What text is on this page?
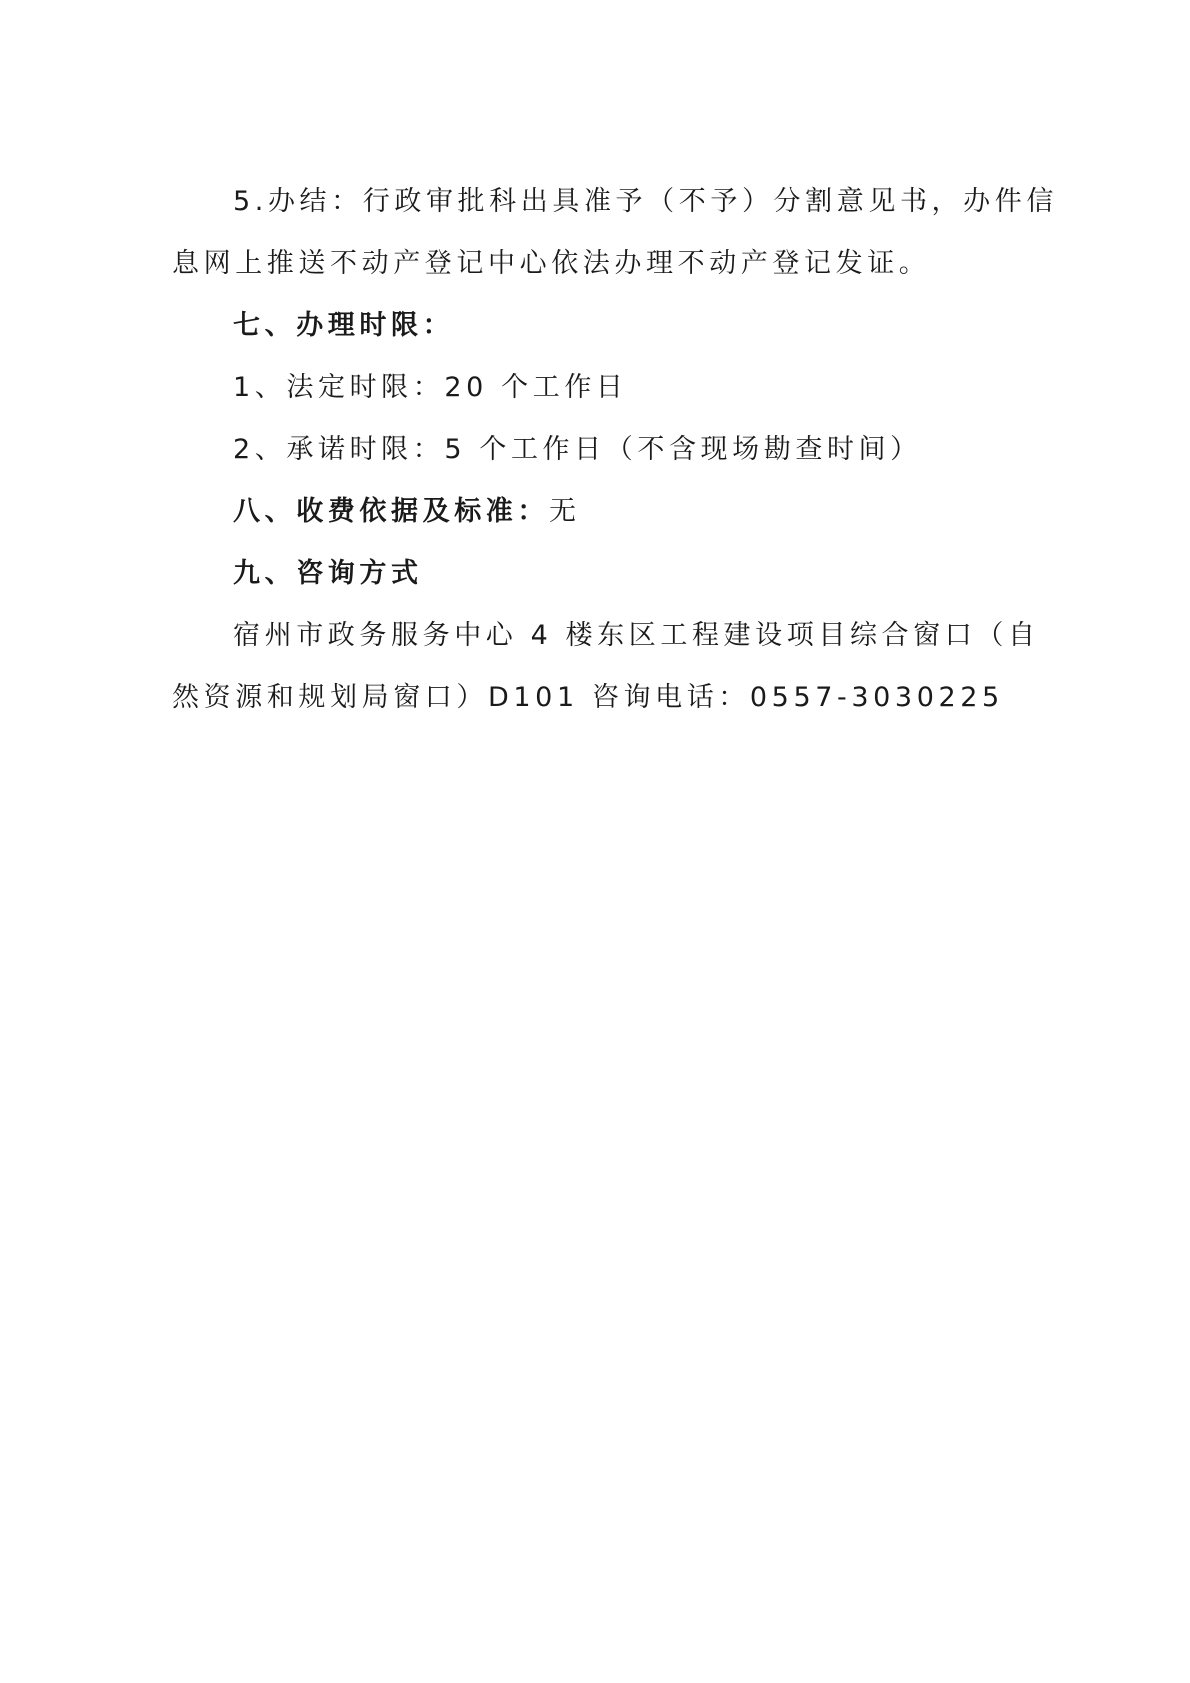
5.办结：行政审批科出具准予（不予）分割意见书，办件信
息网上推送不动产登记中心依法办理不动产登记发证。
七、办理时限：
1、法定时限：20 个工作日
2、承诺时限：5 个工作日（不含现场勘查时间）
八、收费依据及标准：无
九、咨询方式
宿州市政务服务中心 4 楼东区工程建设项目综合窗口（自
然资源和规划局窗口）D101 咨询电话：0557-3030225
